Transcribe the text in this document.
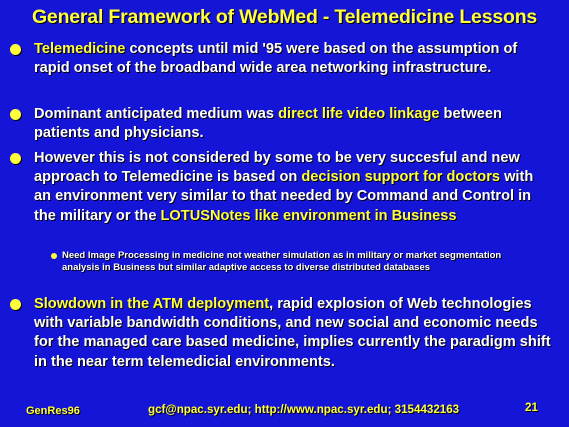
General Framework of WebMed - Telemedicine Lessons
Telemedicine concepts until mid '95 were based on the assumption of rapid onset of the broadband wide area networking infrastructure.
Dominant anticipated medium was direct life video linkage between patients and physicians.
However this is not considered by some to be very succesful and new approach to Telemedicine is based on decision support for doctors with an environment very similar to that needed by Command and Control in the military or the LOTUSNotes like environment in Business
Need Image Processing in medicine not weather simulation as in military or market segmentation analysis in Business but similar adaptive access to diverse distributed databases
Slowdown in the ATM deployment, rapid explosion of Web technologies with variable bandwidth conditions, and new social and economic needs for the managed care based medicine, implies currently the paradigm shift in the near term telemedicial environments.
GenRes96	gcf@npac.syr.edu; http://www.npac.syr.edu; 3154432163	21
